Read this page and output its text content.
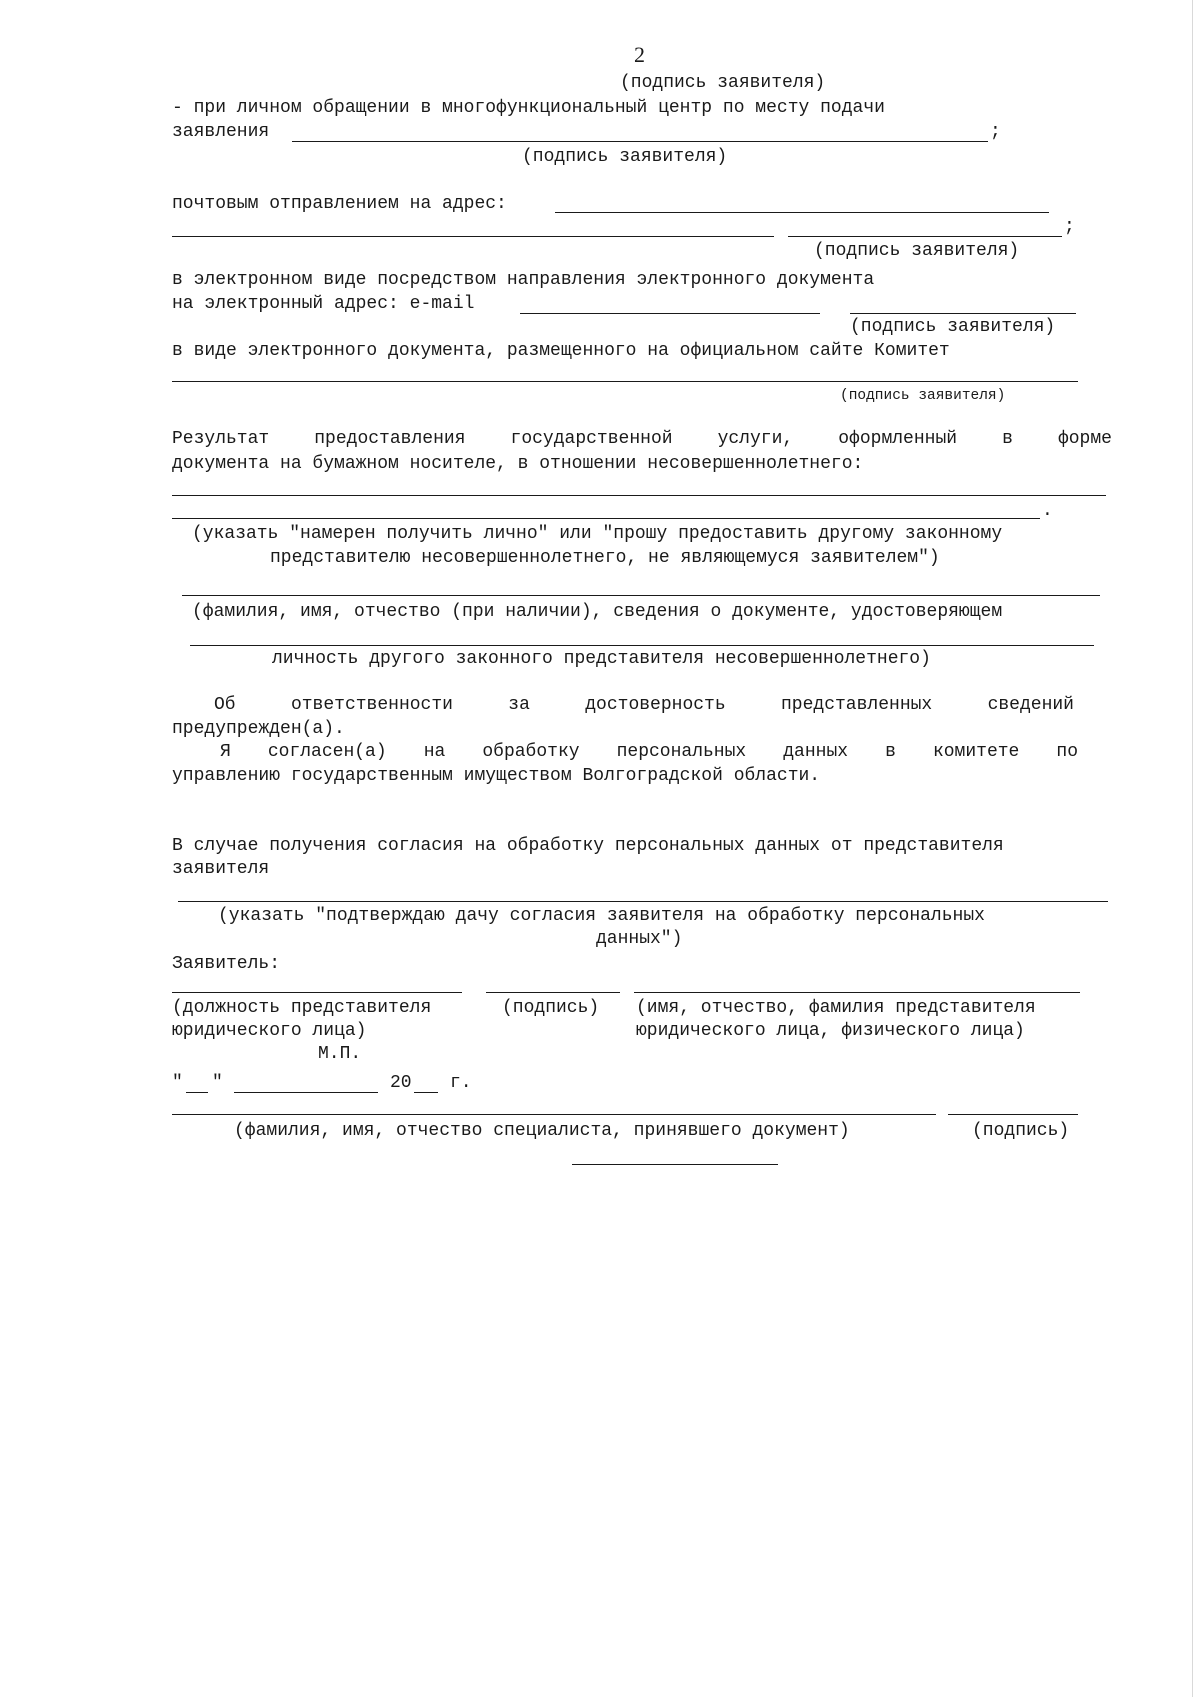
2
(подпись заявителя)
- при личном обращении в многофункциональный центр по месту подачи
заявления	;
(подпись заявителя)
почтовым отправлением на адрес:
;
(подпись заявителя)
в электронном виде посредством направления электронного документа
на электронный адрес: e-mail
(подпись заявителя)
в виде электронного документа, размещенного на официальном сайте Комитет
(подпись заявителя)
Результат	предоставления	государственной	услуги,	оформленный	в	форме
документа на бумажном носителе, в отношении несовершеннолетнего:
.
(указать "намерен получить лично" или "прошу предоставить другому законному
представителю несовершеннолетнего, не являющемуся заявителем")
(фамилия, имя, отчество (при наличии), сведения о документе, удостоверяющем
личность другого законного представителя несовершеннолетнего)
Об	ответственности	за	достоверность	представленных	сведений
предупрежден(а).
Я согласен(а) на обработку персональных данных в комитете по
управлению государственным имуществом Волгоградской области.
В случае получения согласия на обработку персональных данных от представителя
заявителя
(указать "подтверждаю дачу согласия заявителя на обработку персональных
данных")
Заявитель:
(должность представителя
юридического лица)
(подпись) (имя, отчество, фамилия представителя
юридического лица, физического лица)
М.П.
" "	20 г.
(фамилия, имя, отчество специалиста, принявшего документ)	(подпись)
